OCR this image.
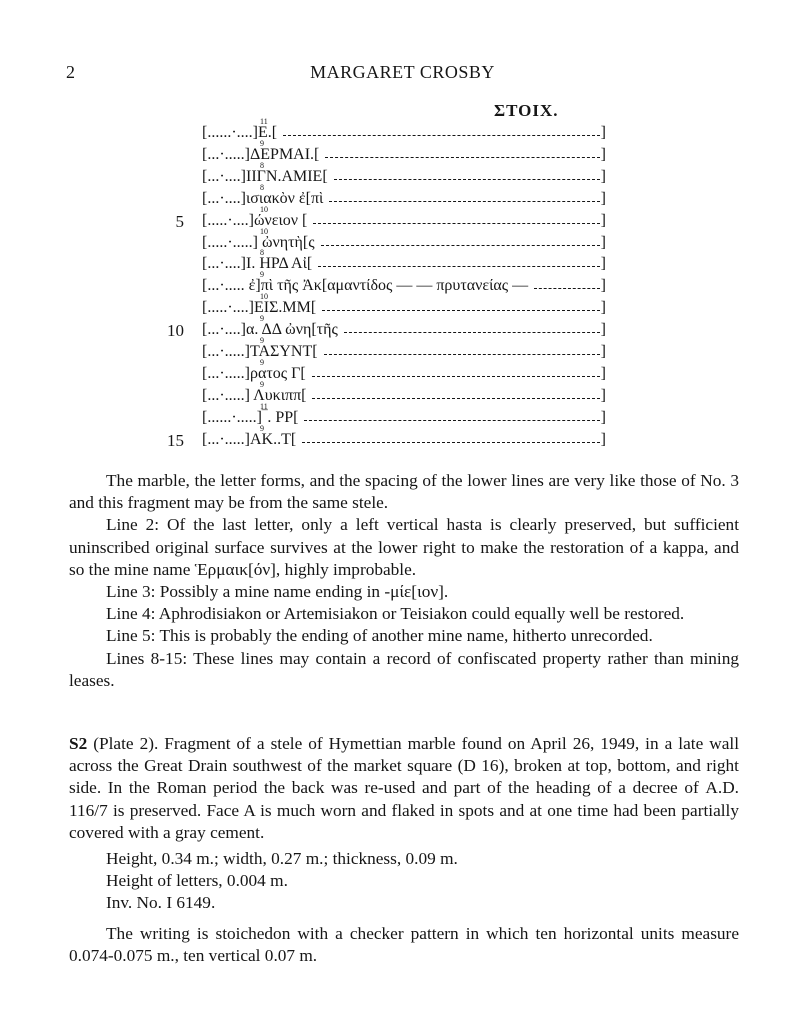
2	MARGARET CROSBY
ΣΤΟΙΧ.
[......·....]Ε.[
11
]
[...·.....]ΔΕΡΜΑΙ.[
9
]
[...·....]ΙΙΓΝ.ΑΜΙΕ[
8
]
[...·....]ισιακὸν ἐ[πὶ
8
]
5 [.....·....]ώνειον [
10
]
[.....·.....] ὠνητὴ[ς
10
]
[...·....]Ι. ΗΡΔ Αἰ[
8
]
[...·..... ἐ]πὶ τῆς Ἀκ[αμαντίδος — — πρυτανείας —
9
]
[.....·....]ΕΙΣ.ΜΜ[
10
]
10 [...·....]α. ΔΔ ὠνη[τῆς
9
]
[...·.....]ΤΑΣΥΝΤ[
9
]
[...·.....]ρατος Γ[
9
]
[...·.....] Λυκιππ[
9
]
[......·.....]‾. ΡΡ[
11
]
15 [...·.....]ΑΚ..Τ[
9
]

The marble, the letter forms, and the spacing of the lower lines are very like those of No. 3 and this fragment may be from the same stele.

Line 2: Of the last letter, only a left vertical hasta is clearly preserved, but sufficient uninscribed original surface survives at the lower right to make the restoration of a kappa, and so the mine name Ἑρμαικ[όν], highly improbable.

Line 3: Possibly a mine name ending in -μίε[ιον].

Line 4: Aphrodisiakon or Artemisiakon or Teisiakon could equally well be restored.

Line 5: This is probably the ending of another mine name, hitherto unrecorded.

Lines 8-15: These lines may contain a record of confiscated property rather than mining leases.

S2 (Plate 2). Fragment of a stele of Hymettian marble found on April 26, 1949, in a late wall across the Great Drain southwest of the market square (D 16), broken at top, bottom, and right side. In the Roman period the back was re-used and part of the heading of a decree of A.D. 116/7 is preserved. Face A is much worn and flaked in spots and at one time had been partially covered with a gray cement.

Height, 0.34 m.; width, 0.27 m.; thickness, 0.09 m.

Height of letters, 0.004 m.

Inv. No. I 6149.

The writing is stoichedon with a checker pattern in which ten horizontal units measure 0.074-0.075 m., ten vertical 0.07 m.
